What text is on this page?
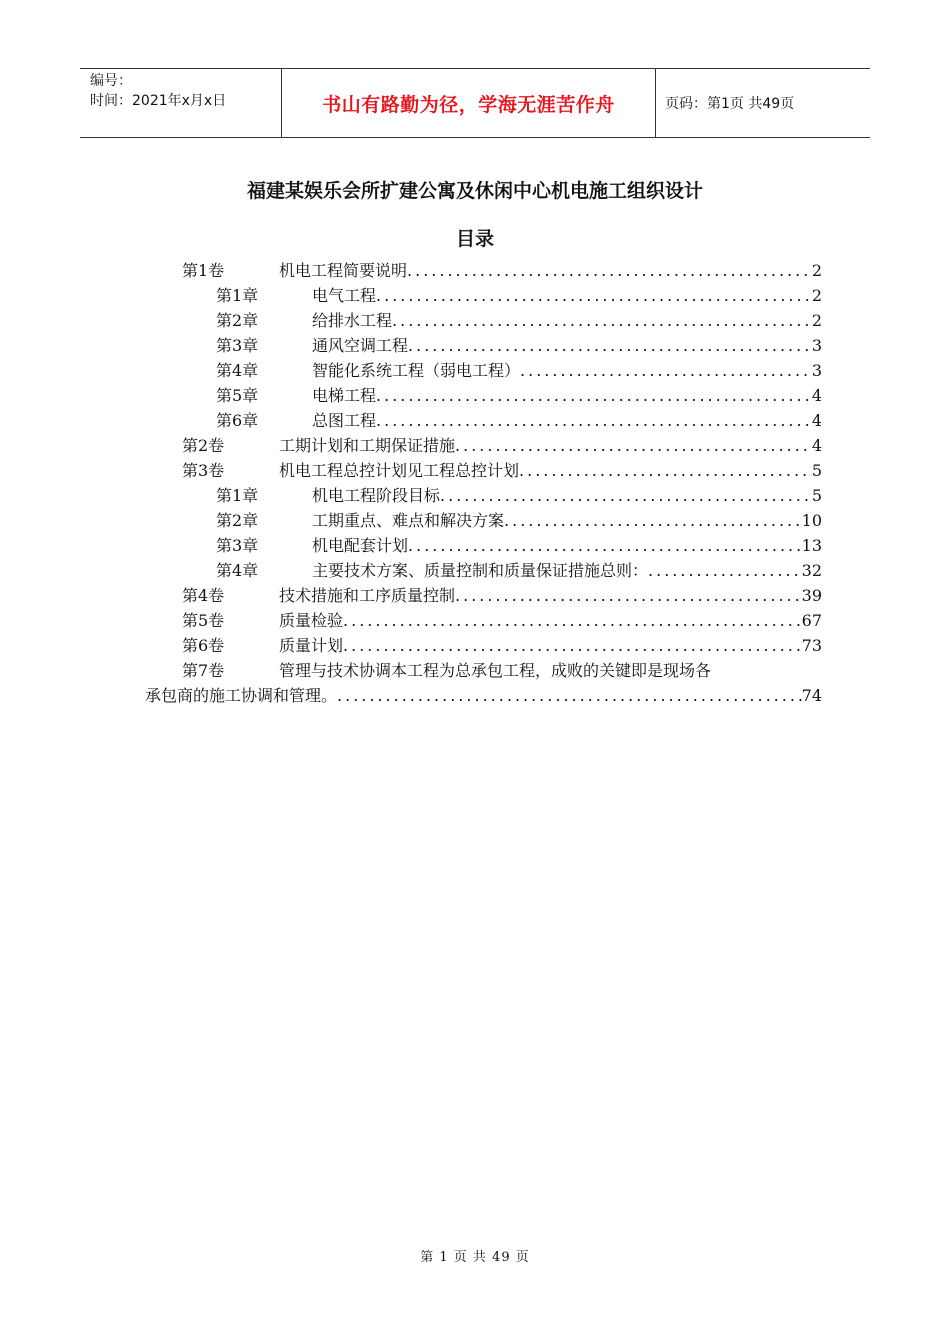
编号：
时间：2021年x月x日	书山有路勤为径，学海无涯苦作舟	页码：第1页 共49页
福建某娱乐会所扩建公寓及休闲中心机电施工组织设计
目录
第1卷	机电工程简要说明 .....	2
第1章	电气工程 .....	2
第2章	给排水工程 .....	2
第3章	通风空调工程 .....	3
第4章	智能化系统工程（弱电工程） .....	3
第5章	电梯工程 .....	4
第6章	总图工程 .....	4
第2卷	工期计划和工期保证措施 .....	4
第3卷	机电工程总控计划见工程总控计划 .....	5
第1章	机电工程阶段目标 .....	5
第2章	工期重点、难点和解决方案 .....	10
第3章	机电配套计划 .....	13
第4章	主要技术方案、质量控制和质量保证措施总则： .....	32
第4卷	技术措施和工序质量控制 .....	39
第5卷	质量检验 .....	67
第6卷	质量计划 .....	73
第7卷	管理与技术协调本工程为总承包工程，成败的关键即是现场各
承包商的施工协调和管理。 .....	74
第 1 页 共 49 页
